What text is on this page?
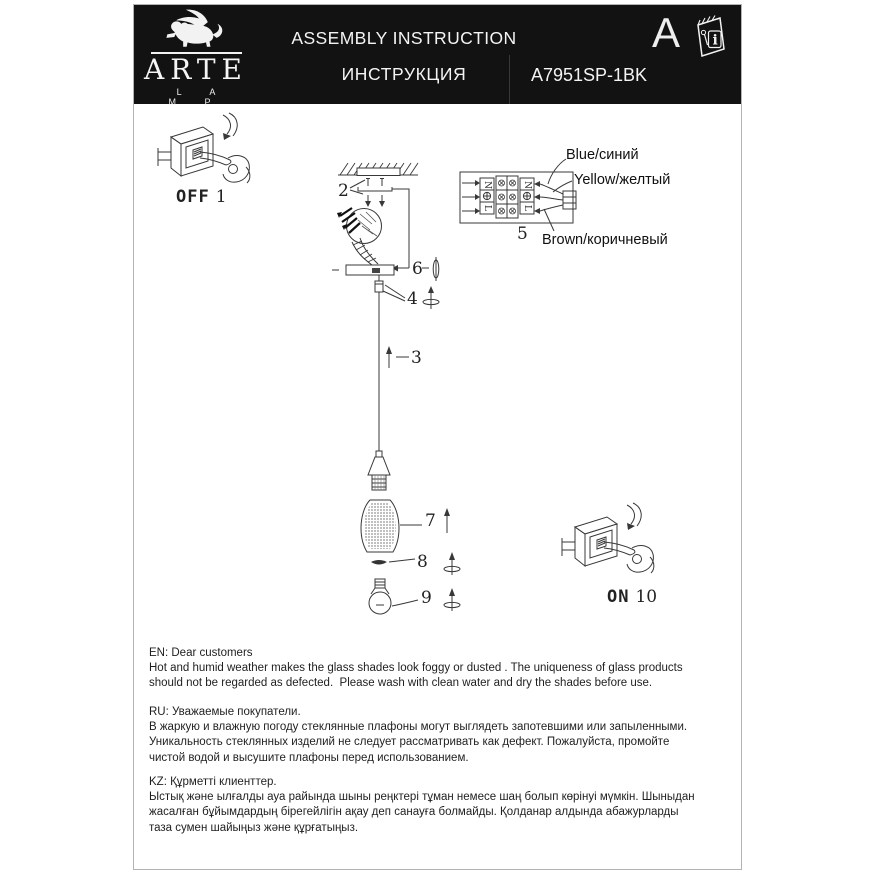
ARTE
L A M P
ASSEMBLY INSTRUCTION
ИНСТРУКЦИЯ	A7951SP-1BK
A i
OFF 1
ON 10
2
3
4
5
6
7
8
9
Blue/синий
Yellow/желтый
Brown/коричневый
N
L
N
L
EN: Dear customers
Hot and humid weather makes the glass shades look foggy or dusted . The uniqueness of glass products
should not be regarded as defected.  Please wash with clean water and dry the shades before use.
RU: Уважаемые покупатели.
В жаркую и влажную погоду стеклянные плафоны могут выглядеть запотевшими или запыленными.
Уникальность стеклянных изделий не следует рассматривать как дефект. Пожалуйста, промойте
чистой водой и высушите плафоны перед использованием.
KZ: Құрметті клиенттер.
Ыстық және ылғалды ауа райында шыны реңктері тұман немесе шаң болып көрінуі мүмкін. Шыныдан
жасалған бұйымдардың бірегейлігін ақау деп санауға болмайды. Қолданар алдында абажурларды
таза сумен шайыңыз және құрғатыңыз.
